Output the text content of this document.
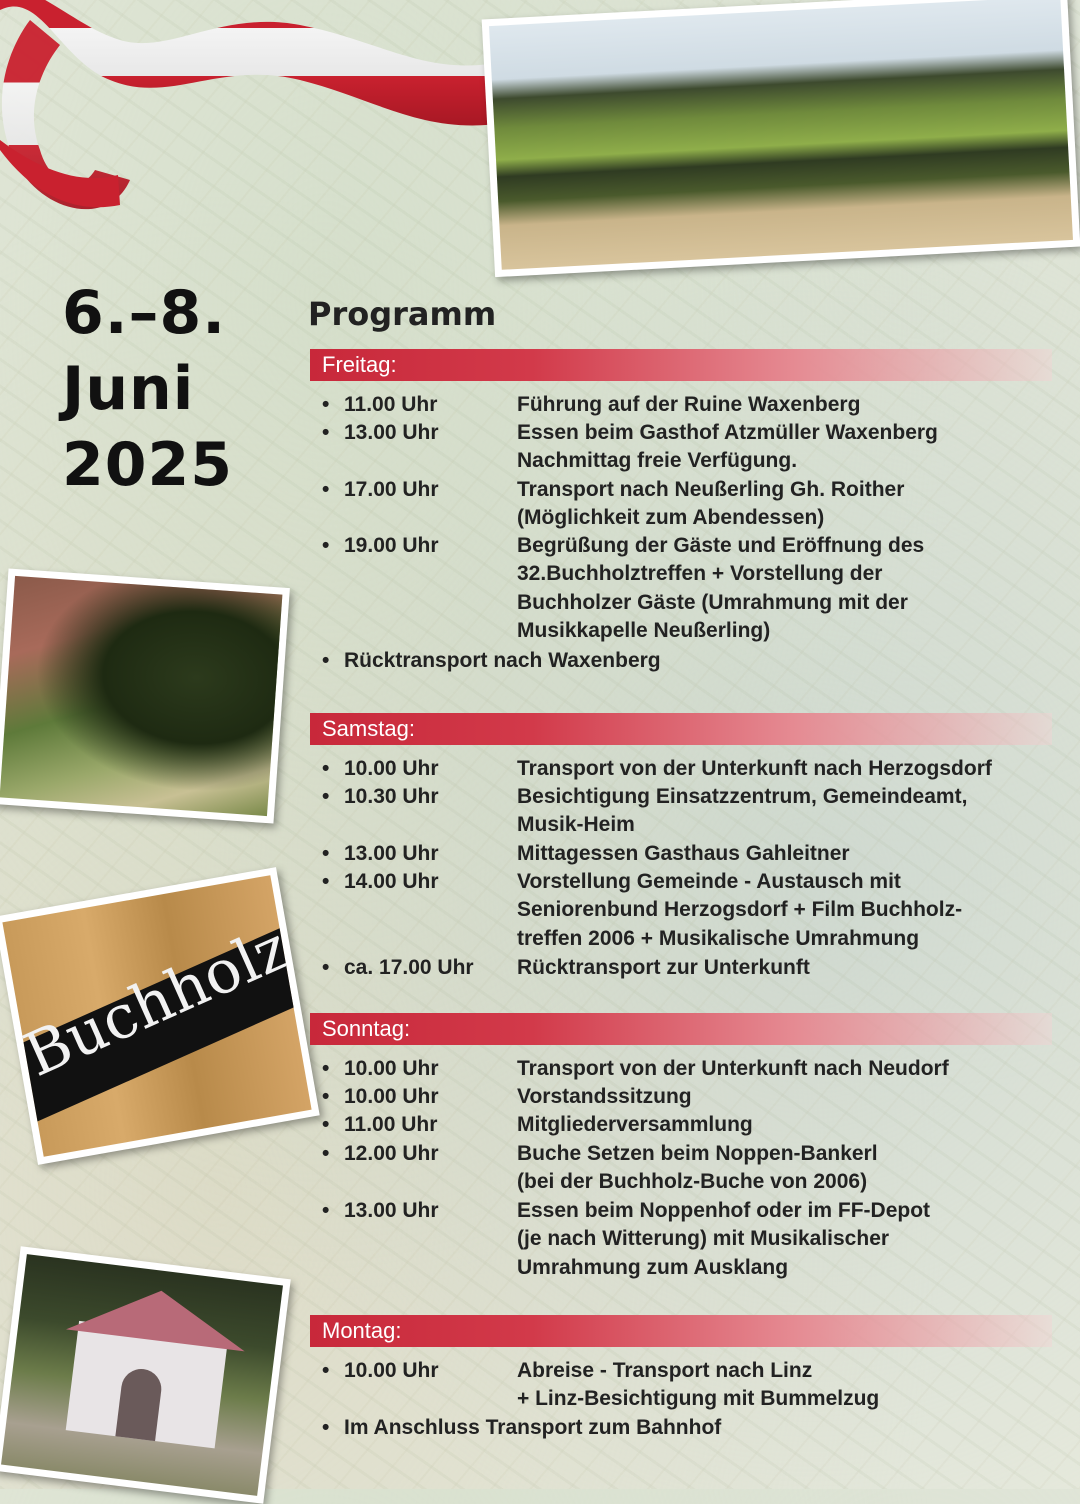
Buchholz
6.–8.
Juni
2025
Programm
Freitag:
• 11.00 Uhr	Führung auf der Ruine Waxenberg
• 13.00 Uhr	Essen beim Gasthof Atzmüller Waxenberg
Nachmittag freie Verfügung.
• 17.00 Uhr	Transport nach Neußerling Gh. Roither
(Möglichkeit zum Abendessen)
• 19.00 Uhr	Begrüßung der Gäste und Eröffnung des
32.Buchholztreffen + Vorstellung der
Buchholzer Gäste (Umrahmung mit der
Musikkapelle Neußerling)
• Rücktransport nach Waxenberg
Samstag:
• 10.00 Uhr	Transport von der Unterkunft nach Herzogsdorf
• 10.30 Uhr	Besichtigung Einsatzzentrum, Gemeindeamt,
Musik-Heim
• 13.00 Uhr	Mittagessen Gasthaus Gahleitner
• 14.00 Uhr	Vorstellung Gemeinde - Austausch mit
Seniorenbund Herzogsdorf + Film Buchholz-
treffen 2006 + Musikalische Umrahmung
• ca. 17.00 Uhr Rücktransport zur Unterkunft
Sonntag:
• 10.00 Uhr	Transport von der Unterkunft nach Neudorf
• 10.00 Uhr	Vorstandssitzung
• 11.00 Uhr	Mitgliederversammlung
• 12.00 Uhr	Buche Setzen beim Noppen-Bankerl
(bei der Buchholz-Buche von 2006)
• 13.00 Uhr	Essen beim Noppenhof oder im FF-Depot
(je nach Witterung) mit Musikalischer
Umrahmung zum Ausklang
Montag:
• 10.00 Uhr	Abreise - Transport nach Linz
+ Linz-Besichtigung mit Bummelzug
• Im Anschluss Transport zum Bahnhof
